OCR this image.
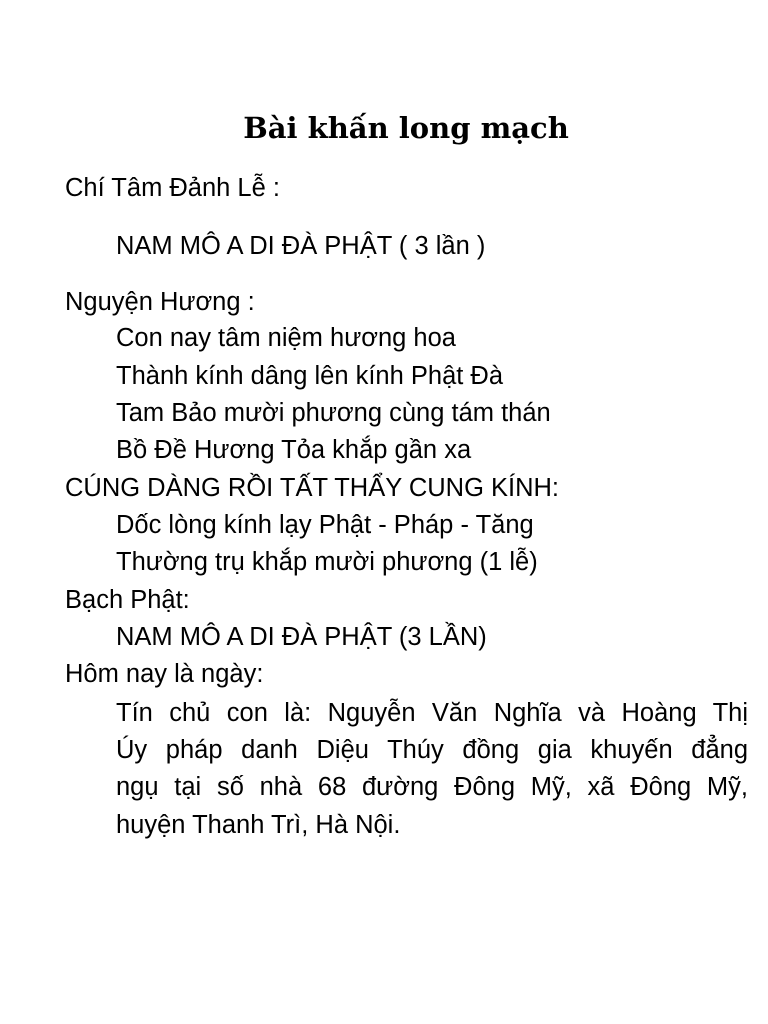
Bài khấn long mạch
Chí Tâm Đảnh Lễ :
NAM MÔ A DI ĐÀ PHẬT ( 3 lần )
Nguyện Hương :
Con nay tâm niệm hương hoa
Thành kính dâng lên kính Phật Đà
Tam Bảo mười phương cùng tám thán
Bồ Đề Hương Tỏa khắp gần xa
CÚNG DÀNG RỒI TẤT THẨY CUNG KÍNH:
Dốc lòng kính lạy Phật - Pháp - Tăng
Thường trụ khắp mười phương (1 lễ)
Bạch Phật:
NAM MÔ A DI ĐÀ PHẬT (3 LẦN)
Hôm nay là ngày:
Tín chủ con là: Nguyễn Văn Nghĩa và Hoàng Thị
Úy pháp danh Diệu Thúy đồng gia khuyến đẳng
ngụ tại số nhà 68 đường Đông Mỹ, xã Đông Mỹ,
huyện Thanh Trì, Hà Nội.
